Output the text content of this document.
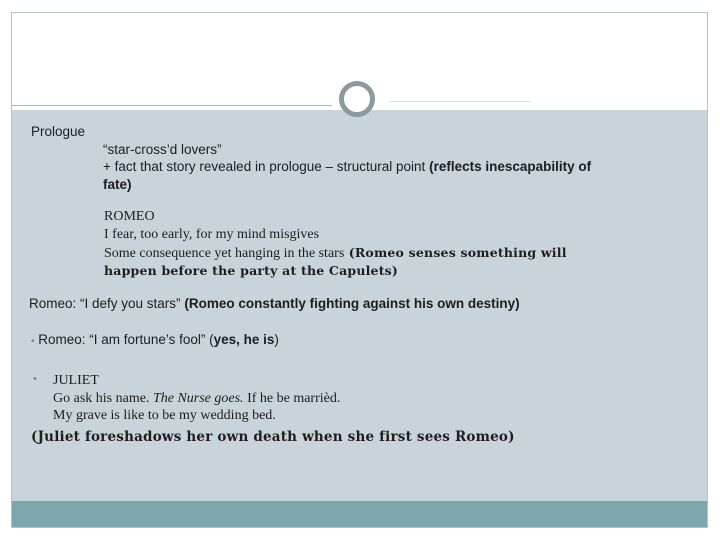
Prologue
“star-cross’d lovers”
+ fact that story revealed in prologue – structural point (reflects inescapability of
fate)
ROMEO
I fear, too early, for my mind misgives
Some consequence yet hanging in the stars (Romeo senses something will
happen before the party at the Capulets)
Romeo: “I defy you stars” (Romeo constantly fighting against his own destiny)
• Romeo: “I am fortune’s fool” (yes, he is)
• JULIET
Go ask his name. The Nurse goes. If he be marrièd.
My grave is like to be my wedding bed.
(Juliet foreshadows her own death when she first sees Romeo)
